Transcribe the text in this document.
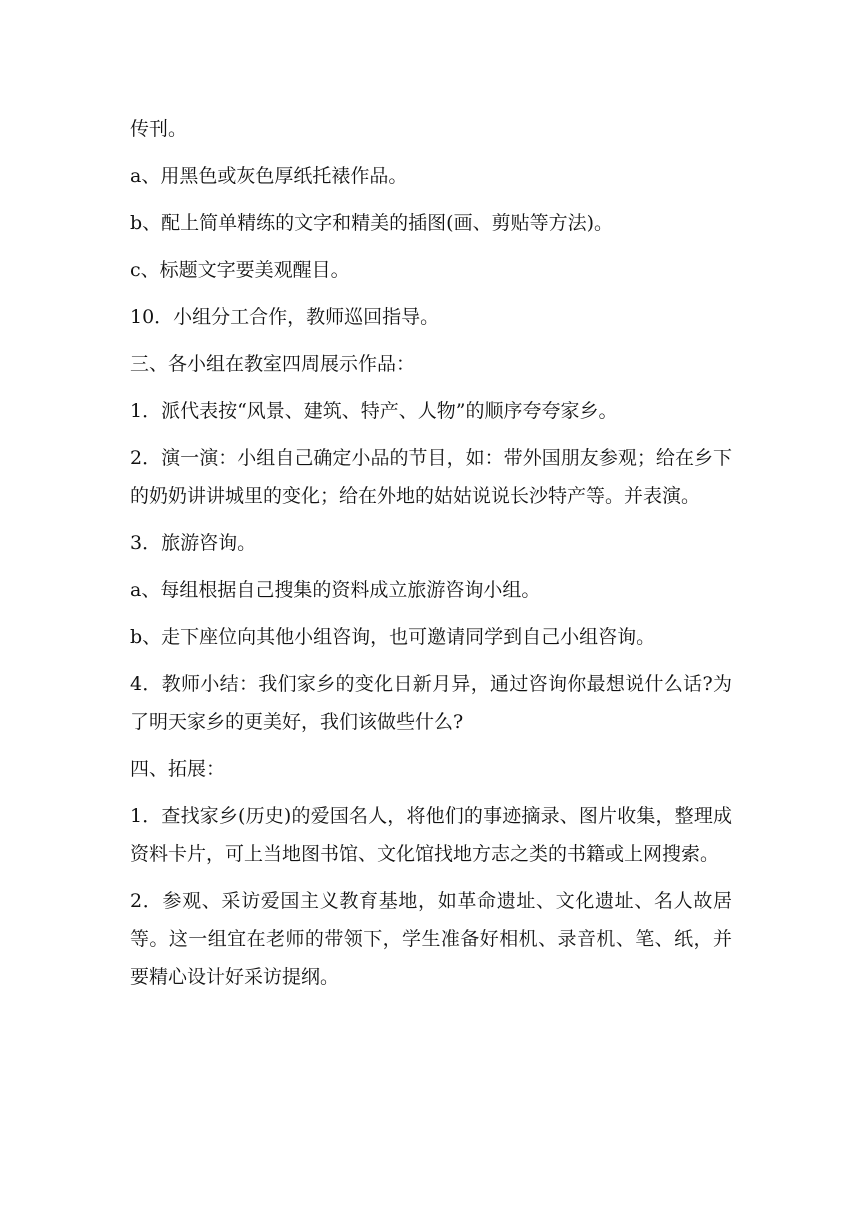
传刊。

a、用黑色或灰色厚纸托裱作品。

b、配上简单精练的文字和精美的插图(画、剪贴等方法)。

c、标题文字要美观醒目。

10．小组分工合作，教师巡回指导。

三、各小组在教室四周展示作品：

1．派代表按“风景、建筑、特产、人物”的顺序夸夸家乡。

2．演一演：小组自己确定小品的节目，如：带外国朋友参观；给在乡下的奶奶讲讲城里的变化；给在外地的姑姑说说长沙特产等。并表演。

3．旅游咨询。

a、每组根据自己搜集的资料成立旅游咨询小组。

b、走下座位向其他小组咨询，也可邀请同学到自己小组咨询。

4．教师小结：我们家乡的变化日新月异，通过咨询你最想说什么话?为了明天家乡的更美好，我们该做些什么?

四、拓展：

1．查找家乡(历史)的爱国名人，将他们的事迹摘录、图片收集，整理成资料卡片，可上当地图书馆、文化馆找地方志之类的书籍或上网搜索。

2．参观、采访爱国主义教育基地，如革命遗址、文化遗址、名人故居等。这一组宜在老师的带领下，学生准备好相机、录音机、笔、纸，并要精心设计好采访提纲。
